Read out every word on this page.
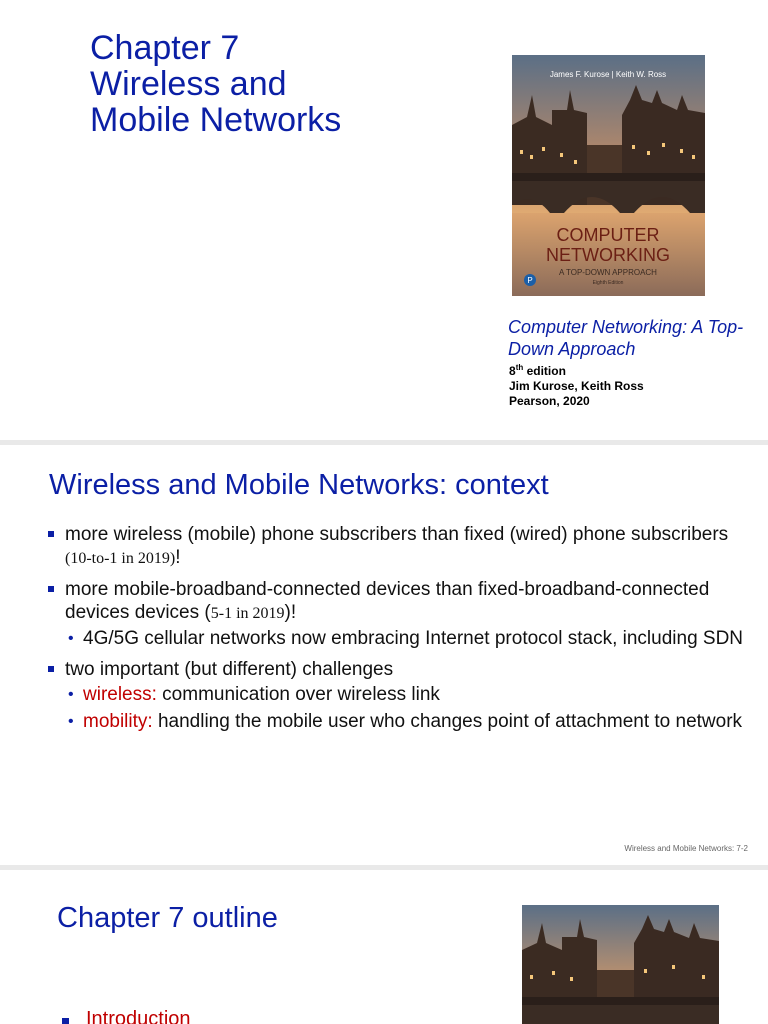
Chapter 7
Wireless and
Mobile Networks
James F. Kurose | Keith W. Ross
COMPUTER
NETWORKING
A TOP-DOWN APPROACH
Eighth Edition
P
Computer Networking: A Top-Down Approach
8th edition
Jim Kurose, Keith Ross
Pearson, 2020
Wireless and Mobile Networks: context
more wireless (mobile) phone subscribers than fixed (wired) phone subscribers (10-to-1 in 2019)!
more mobile-broadband-connected devices than fixed-broadband-connected devices devices (5-1 in 2019)!
• 4G/5G cellular networks now embracing Internet protocol stack, including SDN
two important (but different) challenges
• wireless: communication over wireless link
• mobility: handling the mobile user who changes point of attachment to network
Wireless and Mobile Networks: 7-2
Chapter 7 outline
Introduction
